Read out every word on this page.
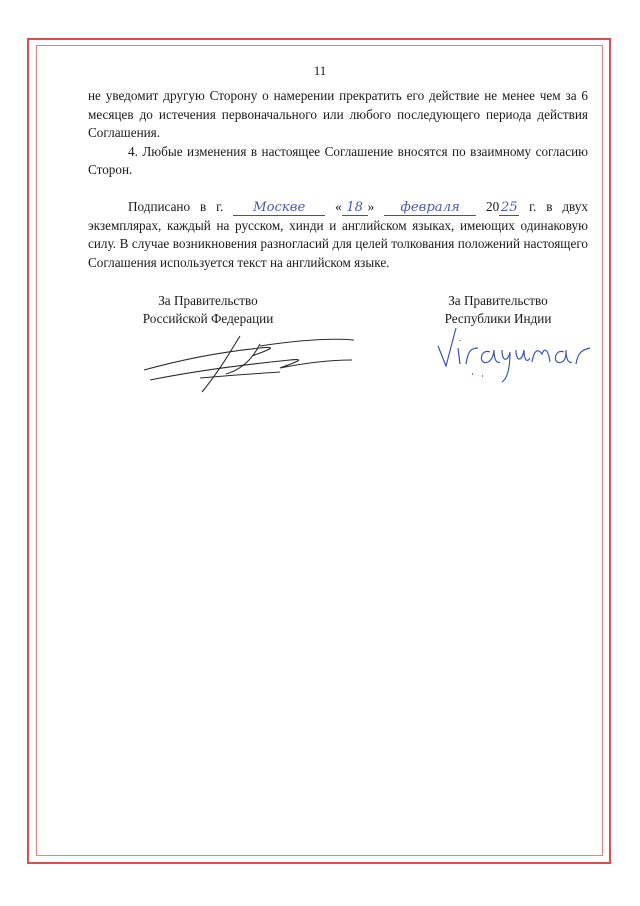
11

не уведомит другую Сторону о намерении прекратить его действие не менее чем за 6 месяцев до истечения первоначального или любого последующего периода действия Соглашения.

4. Любые изменения в настоящее Соглашение вносятся по взаимному согласию Сторон.

Подписано в г. Москве « 18 » февраля 20 25 г. в двух экземплярах, каждый на русском, хинди и английском языках, имеющих одинаковую силу. В случае возникновения разногласий для целей толкования положений настоящего Соглашения используется текст на английском языке.

За Правительство
Российской Федерации
За Правительство
Республики Индии
